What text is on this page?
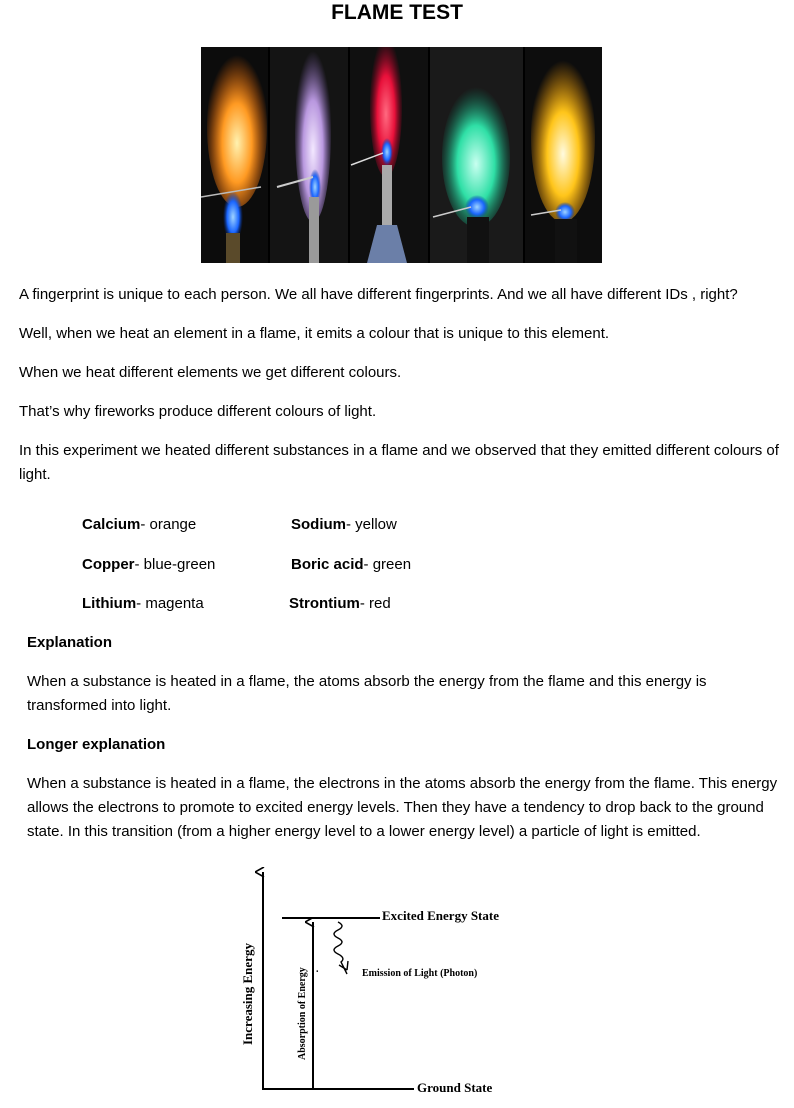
FLAME TEST

A fingerprint is unique to each person. We all have different fingerprints. And we all have different IDs , right?

Well, when we heat an element in a flame, it emits a colour that is unique to this element.

When we heat different elements we get different colours.

That’s why fireworks produce different colours of light.

In this experiment we heated different substances in a flame and we observed that they emitted different colours of light.

Calcium- orange	Sodium- yellow
Copper- blue-green	Boric acid- green
Lithium- magenta	Strontium- red
Explanation

When a substance is heated in a flame, the atoms absorb the energy from the flame and this energy is transformed into light.

Longer explanation

When a substance is heated in a flame, the electrons in the atoms absorb the energy from the flame. This energy allows the electrons to promote to excited energy levels. Then they have a tendency to drop back to the ground state. In this transition (from a higher energy level to a lower energy level) a particle of light is emitted.

Increasing Energy
Ground State
Excited Energy State
Absorption of Energy .	Emission of Light (Photon)
